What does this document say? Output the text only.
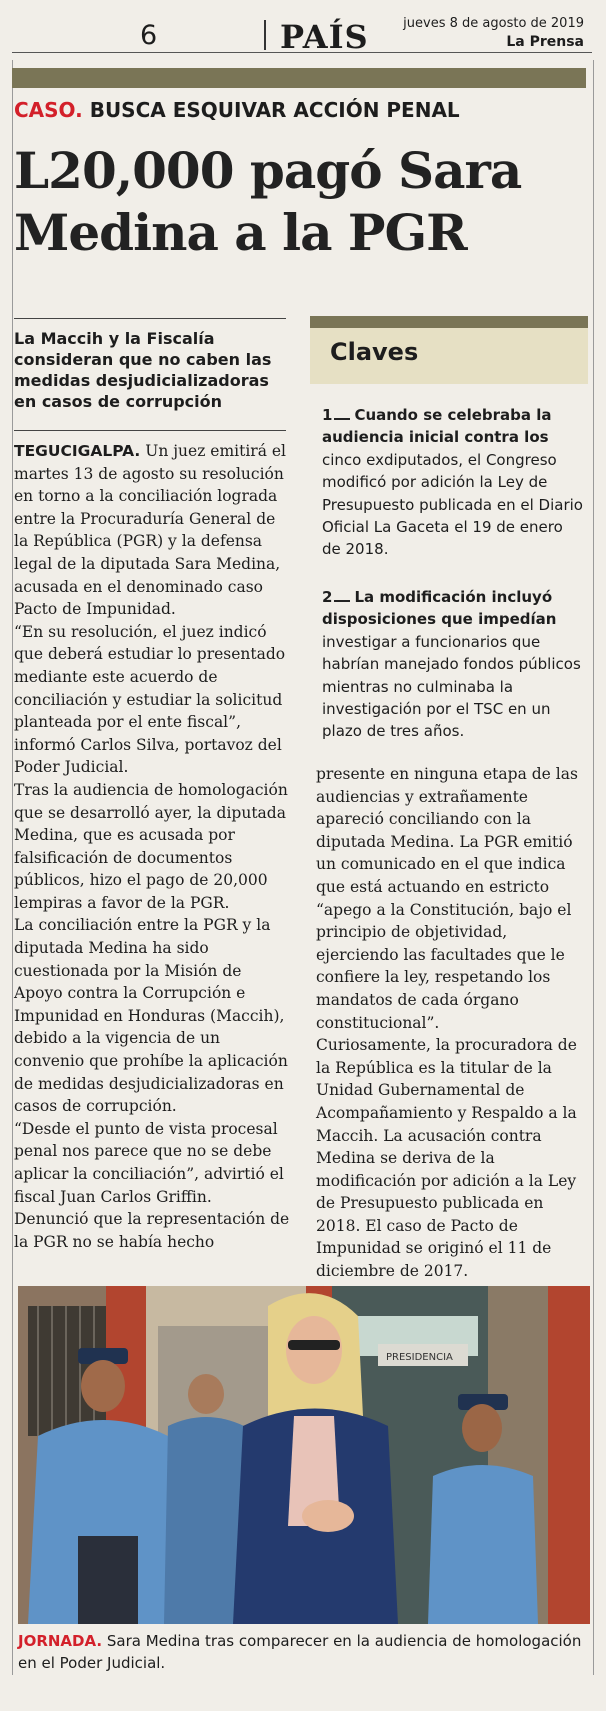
6	PAÍS	jueves 8 de agosto de 2019
La Prensa
CASO. BUSCA ESQUIVAR ACCIÓN PENAL
L20,000 pagó Sara
Medina a la PGR
La Maccih y la Fiscalía consideran que no caben las medidas desjudicializadoras en casos de corrupción

TEGUCIGALPA. Un juez emitirá el martes 13 de agosto su resolución en torno a la conciliación lograda entre la Procuraduría General de la República (PGR) y la defensa legal de la diputada Sara Medina, acusada en el denominado caso Pacto de Impunidad.

“En su resolución, el juez indicó que deberá estudiar lo presentado mediante este acuerdo de conciliación y estudiar la solicitud planteada por el ente fiscal”, informó Carlos Silva, portavoz del Poder Judicial.

Tras la audiencia de homologación que se desarrolló ayer, la diputada Medina, que es acusada por falsificación de documentos públicos, hizo el pago de 20,000 lempiras a favor de la PGR.

La conciliación entre la PGR y la diputada Medina ha sido cuestionada por la Misión de Apoyo contra la Corrupción e Impunidad en Honduras (Maccih), debido a la vigencia de un convenio que prohíbe la aplicación de medidas desjudicializadoras en casos de corrupción.

“Desde el punto de vista procesal penal nos parece que no se debe aplicar la conciliación”, advirtió el fiscal Juan Carlos Griffin.

Denunció que la representación de la PGR no se había hecho

Claves
1 Cuando se celebraba la audiencia inicial contra los cinco exdiputados, el Congreso modificó por adición la Ley de Presupuesto publicada en el Diario Oficial La Gaceta el 19 de enero de 2018.
2 La modificación incluyó disposiciones que impedían investigar a funcionarios que habrían manejado fondos públicos mientras no culminaba la investigación por el TSC en un plazo de tres años.

presente en ninguna etapa de las audiencias y extrañamente apareció conciliando con la diputada Medina. La PGR emitió un comunicado en el que indica que está actuando en estricto “apego a la Constitución, bajo el principio de objetividad, ejerciendo las facultades que le confiere la ley, respetando los mandatos de cada órgano constitucional”.

Curiosamente, la procuradora de la República es la titular de la Unidad Gubernamental de Acompañamiento y Respaldo a la Maccih. La acusación contra Medina se deriva de la modificación por adición a la Ley de Presupuesto publicada en 2018. El caso de Pacto de Impunidad se originó el 11 de diciembre de 2017.

PRESIDENCIA
JORNADA. Sara Medina tras comparecer en la audiencia de homologación en el Poder Judicial.
